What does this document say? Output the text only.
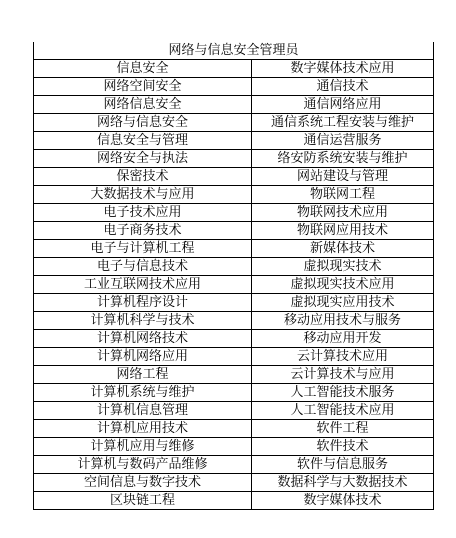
网络与信息安全管理员	
信息安全	数字媒体技术应用
网络空间安全	通信技术
网络信息安全	通信网络应用
网络与信息安全	通信系统工程安装与维护
信息安全与管理	通信运营服务
网络安全与执法	络安防系统安装与维护
保密技术	网站建设与管理
大数据技术与应用	物联网工程
电子技术应用	物联网技术应用
电子商务技术	物联网应用技术
电子与计算机工程	新媒体技术
电子与信息技术	虚拟现实技术
工业互联网技术应用	虚拟现实技术应用
计算机程序设计	虚拟现实应用技术
计算机科学与技术	移动应用技术与服务
计算机网络技术	移动应用开发
计算机网络应用	云计算技术应用
网络工程	云计算技术与应用
计算机系统与维护	人工智能技术服务
计算机信息管理	人工智能技术应用
计算机应用技术	软件工程
计算机应用与维修	软件技术
计算机与数码产品维修	软件与信息服务
空间信息与数字技术	数据科学与大数据技术
区块链工程	数字媒体技术
